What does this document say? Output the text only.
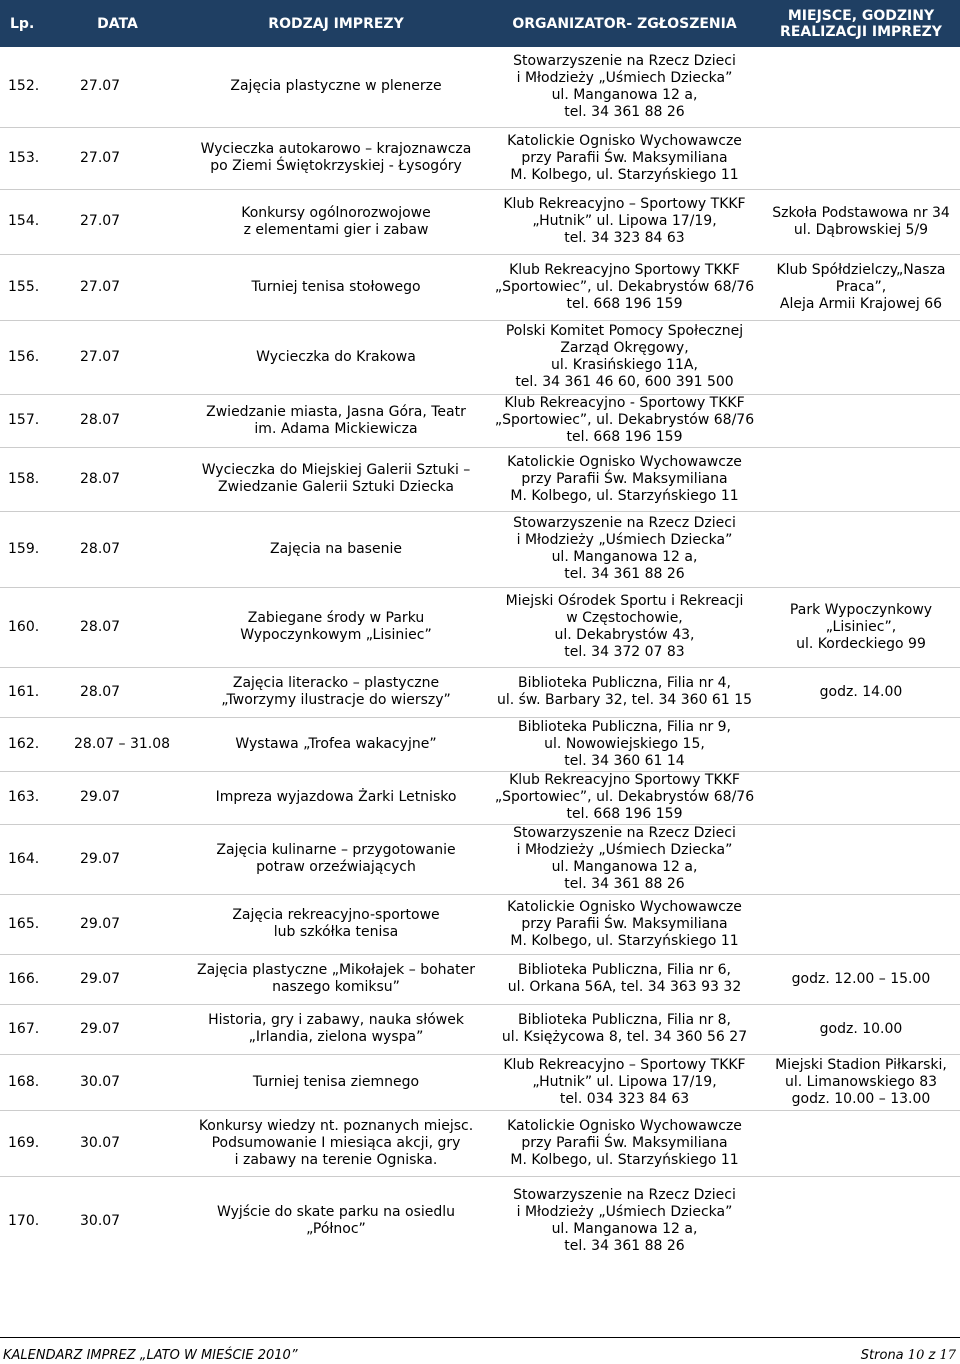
Lp.	DATA	RODZAJ IMPREZY	ORGANIZATOR- ZGŁOSZENIA	MIEJSCE, GODZINY
REALIZACJI IMPREZY

152.	27.07	Zajęcia plastyczne w plenerze	Stowarzyszenie na Rzecz Dzieci
i Młodzieży „Uśmiech Dziecka”
ul. Manganowa 12 a,
tel. 34 361 88 26	

153.	27.07	Wycieczka autokarowo – krajoznawcza
po Ziemi Świętokrzyskiej - Łysogóry	Katolickie Ognisko Wychowawcze
przy Parafii Św. Maksymiliana
M. Kolbego, ul. Starzyńskiego 11	

154.	27.07	Konkursy ogólnorozwojowe
z elementami gier i zabaw	Klub Rekreacyjno – Sportowy TKKF
„Hutnik” ul. Lipowa 17/19,
tel. 34 323 84 63	Szkoła Podstawowa nr 34
ul. Dąbrowskiej 5/9

155.	27.07	Turniej tenisa stołowego	Klub Rekreacyjno Sportowy TKKF
„Sportowiec”, ul. Dekabrystów 68/76
tel. 668 196 159	Klub Spółdzielczy„Nasza
Praca”,
Aleja Armii Krajowej 66

156.	27.07	Wycieczka do Krakowa	Polski Komitet Pomocy Społecznej
Zarząd Okręgowy,
ul. Krasińskiego 11A,
tel. 34 361 46 60, 600 391 500	

157.	28.07	Zwiedzanie miasta, Jasna Góra, Teatr
im. Adama Mickiewicza	Klub Rekreacyjno - Sportowy TKKF
„Sportowiec”, ul. Dekabrystów 68/76
tel. 668 196 159	

158.	28.07	Wycieczka do Miejskiej Galerii Sztuki –
Zwiedzanie Galerii Sztuki Dziecka	Katolickie Ognisko Wychowawcze
przy Parafii Św. Maksymiliana
M. Kolbego, ul. Starzyńskiego 11	

159.	28.07	Zajęcia na basenie	Stowarzyszenie na Rzecz Dzieci
i Młodzieży „Uśmiech Dziecka”
ul. Manganowa 12 a,
tel. 34 361 88 26	

160.	28.07	Zabiegane środy w Parku
Wypoczynkowym „Lisiniec”	Miejski Ośrodek Sportu i Rekreacji
w Częstochowie,
ul. Dekabrystów 43,
tel. 34 372 07 83	Park Wypoczynkowy
„Lisiniec”,
ul. Kordeckiego 99

161.	28.07	Zajęcia literacko – plastyczne
„Tworzymy ilustracje do wierszy”	Biblioteka Publiczna, Filia nr 4,
ul. św. Barbary 32, tel. 34 360 61 15	godz. 14.00

162.	28.07 – 31.08	Wystawa „Trofea wakacyjne”	Biblioteka Publiczna, Filia nr 9,
ul. Nowowiejskiego 15,
tel. 34 360 61 14	

163.	29.07	Impreza wyjazdowa Żarki Letnisko	Klub Rekreacyjno Sportowy TKKF
„Sportowiec”, ul. Dekabrystów 68/76
tel. 668 196 159	

164.	29.07	Zajęcia kulinarne – przygotowanie
potraw orzeźwiających	Stowarzyszenie na Rzecz Dzieci
i Młodzieży „Uśmiech Dziecka”
ul. Manganowa 12 a,
tel. 34 361 88 26	

165.	29.07	Zajęcia rekreacyjno-sportowe
lub szkółka tenisa	Katolickie Ognisko Wychowawcze
przy Parafii Św. Maksymiliana
M. Kolbego, ul. Starzyńskiego 11	

166.	29.07	Zajęcia plastyczne „Mikołajek – bohater
naszego komiksu”	Biblioteka Publiczna, Filia nr 6,
ul. Orkana 56A, tel. 34 363 93 32	godz. 12.00 – 15.00

167.	29.07	Historia, gry i zabawy, nauka słówek
„Irlandia, zielona wyspa”	Biblioteka Publiczna, Filia nr 8,
ul. Księżycowa 8, tel. 34 360 56 27	godz. 10.00

168.	30.07	Turniej tenisa ziemnego	Klub Rekreacyjno – Sportowy TKKF
„Hutnik” ul. Lipowa 17/19,
tel. 034 323 84 63	Miejski Stadion Piłkarski,
ul. Limanowskiego 83
godz. 10.00 – 13.00

169.	30.07	Konkursy wiedzy nt. poznanych miejsc.
Podsumowanie I miesiąca akcji, gry
i zabawy na terenie Ogniska.	Katolickie Ognisko Wychowawcze
przy Parafii Św. Maksymiliana
M. Kolbego, ul. Starzyńskiego 11	

170.	30.07	Wyjście do skate parku na osiedlu
„Północ”	Stowarzyszenie na Rzecz Dzieci
i Młodzieży „Uśmiech Dziecka”
ul. Manganowa 12 a,
tel. 34 361 88 26	

KALENDARZ IMPREZ „LATO W MIEŚCIE 2010”	Strona 10 z 17
